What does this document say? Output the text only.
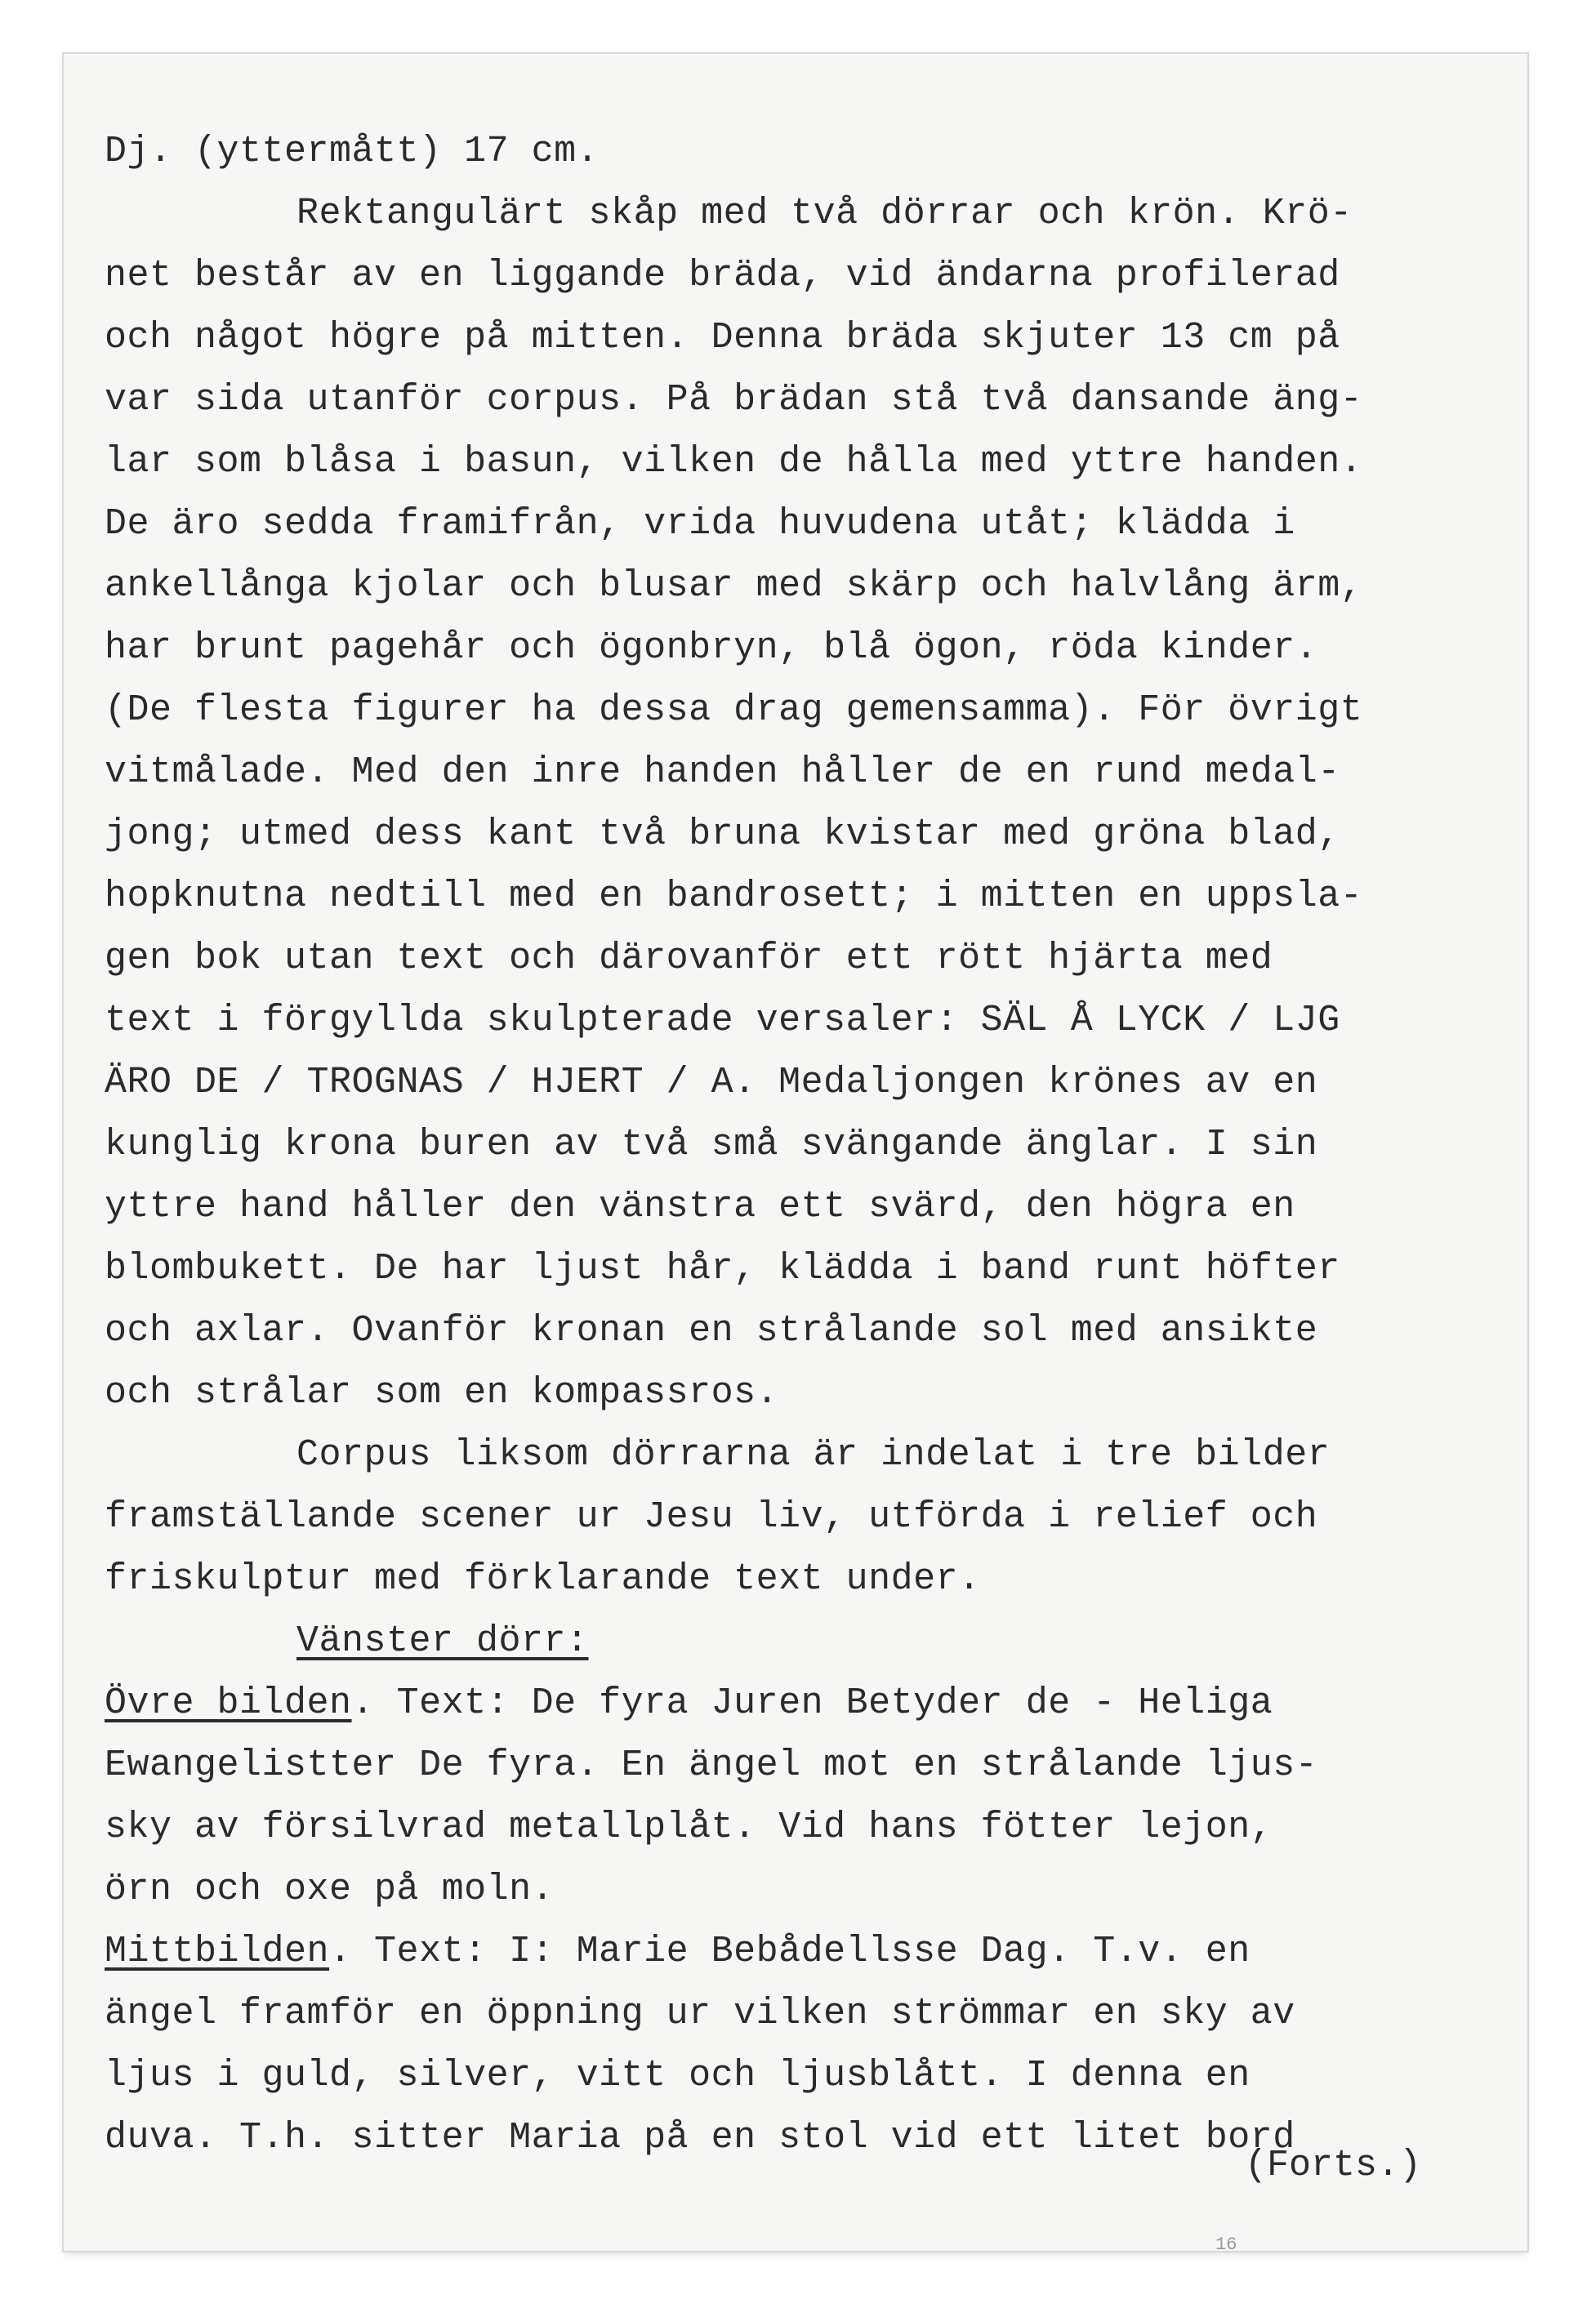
Dj. (yttermått) 17 cm.
Rektangulärt skåp med två dörrar och krön. Krö-
net består av en liggande bräda, vid ändarna profilerad
och något högre på mitten. Denna bräda skjuter 13 cm på
var sida utanför corpus. På brädan stå två dansande äng-
lar som blåsa i basun, vilken de hålla med yttre handen.
De äro sedda framifrån, vrida huvudena utåt; klädda i
ankellånga kjolar och blusar med skärp och halvlång ärm,
har brunt pagehår och ögonbryn, blå ögon, röda kinder.
(De flesta figurer ha dessa drag gemensamma). För övrigt
vitmålade. Med den inre handen håller de en rund medal-
jong; utmed dess kant två bruna kvistar med gröna blad,
hopknutna nedtill med en bandrosett; i mitten en uppsla-
gen bok utan text och därovanför ett rött hjärta med
text i förgyllda skulpterade versaler: SÄL Å LYCK / LJG
ÄRO DE / TROGNAS / HJERT / A. Medaljongen krönes av en
kunglig krona buren av två små svängande änglar. I sin
yttre hand håller den vänstra ett svärd, den högra en
blombukett. De har ljust hår, klädda i band runt höfter
och axlar. Ovanför kronan en strålande sol med ansikte
och strålar som en kompassros.
Corpus liksom dörrarna är indelat i tre bilder
framställande scener ur Jesu liv, utförda i relief och
friskulptur med förklarande text under.
Vänster dörr:
Övre bilden. Text: De fyra Juren Betyder de - Heliga
Ewangelistter De fyra. En ängel mot en strålande ljus-
sky av försilvrad metallplåt. Vid hans fötter lejon,
örn och oxe på moln.
Mittbilden. Text: I: Marie Bebådellsse Dag. T.v. en
ängel framför en öppning ur vilken strömmar en sky av
ljus i guld, silver, vitt och ljusblått. I denna en
duva. T.h. sitter Maria på en stol vid ett litet bord
(Forts.)
16
